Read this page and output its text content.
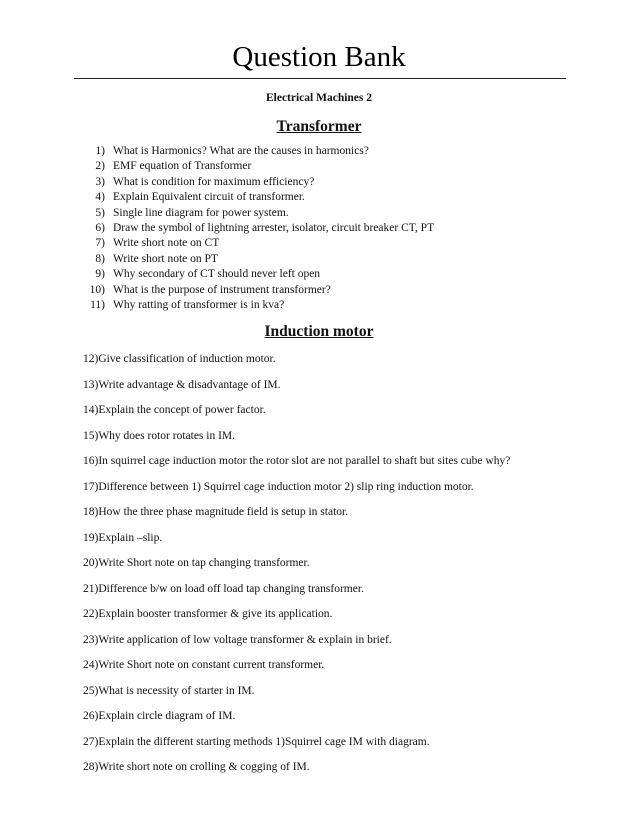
Question Bank
Electrical Machines 2
Transformer
1) What is Harmonics? What are the causes in harmonics?
2) EMF equation of Transformer
3) What is condition for maximum efficiency?
4) Explain Equivalent circuit of transformer.
5) Single line diagram for power system.
6) Draw the symbol of lightning arrester, isolator, circuit breaker CT, PT
7) Write short note on CT
8) Write short note on PT
9) Why secondary of CT should never left open
10) What is the purpose of instrument transformer?
11) Why ratting of transformer is in kva?
Induction motor
12)Give classification of induction motor.
13)Write advantage & disadvantage of IM.
14)Explain the concept of power factor.
15)Why does rotor rotates in IM.
16)In squirrel cage induction motor the rotor slot are not parallel to shaft but sites cube why?
17)Difference between 1) Squirrel cage induction motor 2) slip ring induction motor.
18)How the three phase magnitude field is setup in stator.
19)Explain –slip.
20)Write Short note on tap changing transformer.
21)Difference b/w on load off load tap changing transformer.
22)Explain booster transformer & give its application.
23)Write application of low voltage transformer & explain in brief.
24)Write Short note on constant current transformer.
25)What is necessity of starter in IM.
26)Explain circle diagram of IM.
27)Explain the different starting methods 1)Squirrel cage IM with diagram.
28)Write short note on crolling & cogging of IM.
